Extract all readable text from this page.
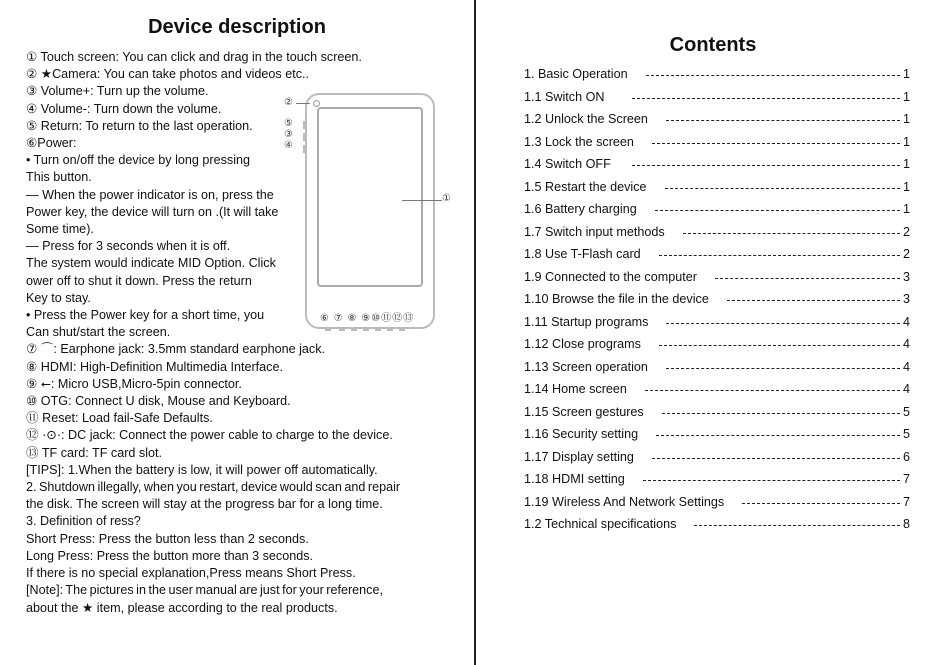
Device description
①
②
⑤
③
④
⑥ ⑦ ⑧ ⑨⑩⑪⑫⑬
① Touch screen: You can click and drag in the touch screen.
② ★Camera: You can take photos and videos etc..
③ Volume+: Turn up the volume.
④ Volume-: Turn down the volume.
⑤ Return: To return to the last operation.
⑥Power:
• Turn on/off the device by long pressing
This button.
— When the power indicator is on, press the
Power key, the device will turn on .(It will take
Some time).
— Press for 3 seconds when it is off.
The system would indicate MID Option. Click
ower off to shut it down. Press the return
Key to stay.
• Press the Power key for a short time, you
Can shut/start the screen.
⑦ ⌒: Earphone jack: 3.5mm standard earphone jack.
⑧ HDMI: High-Definition Multimedia Interface.
⑨ ⭠: Micro USB,Micro-5pin connector.
⑩ OTG: Connect U disk, Mouse and Keyboard.
⑪ Reset: Load fail-Safe Defaults.
⑫ ·⊙·: DC jack: Connect the power cable to charge to the device.
⑬ TF card: TF card slot.
[TIPS]: 1.When the battery is low, it will power off automatically.
2. Shutdown illegally, when you restart, device would scan and repair
the disk. The screen will stay at the progress bar for a long time.
3. Definition of ress?
Short Press: Press the button less than 2 seconds.
Long Press: Press the button more than 3 seconds.
If there is no special explanation,Press means Short Press.
[Note]: The pictures in the user manual are just for your reference,
about the ★ item, please according to the real products.
Contents
1. Basic Operation	1
1.1 Switch ON	1
1.2 Unlock the Screen	1
1.3 Lock the screen	1
1.4 Switch OFF	1
1.5 Restart the device	1
1.6 Battery charging	1
1.7 Switch input methods	2
1.8 Use T-Flash card	2
1.9 Connected to the computer	3
1.10 Browse the file in the device	3
1.11 Startup programs	4
1.12 Close programs	4
1.13 Screen operation	4
1.14 Home screen	4
1.15 Screen gestures	5
1.16 Security setting	5
1.17 Display setting	6
1.18 HDMI setting	7
1.19 Wireless And Network Settings	7
1.2 Technical specifications	8
